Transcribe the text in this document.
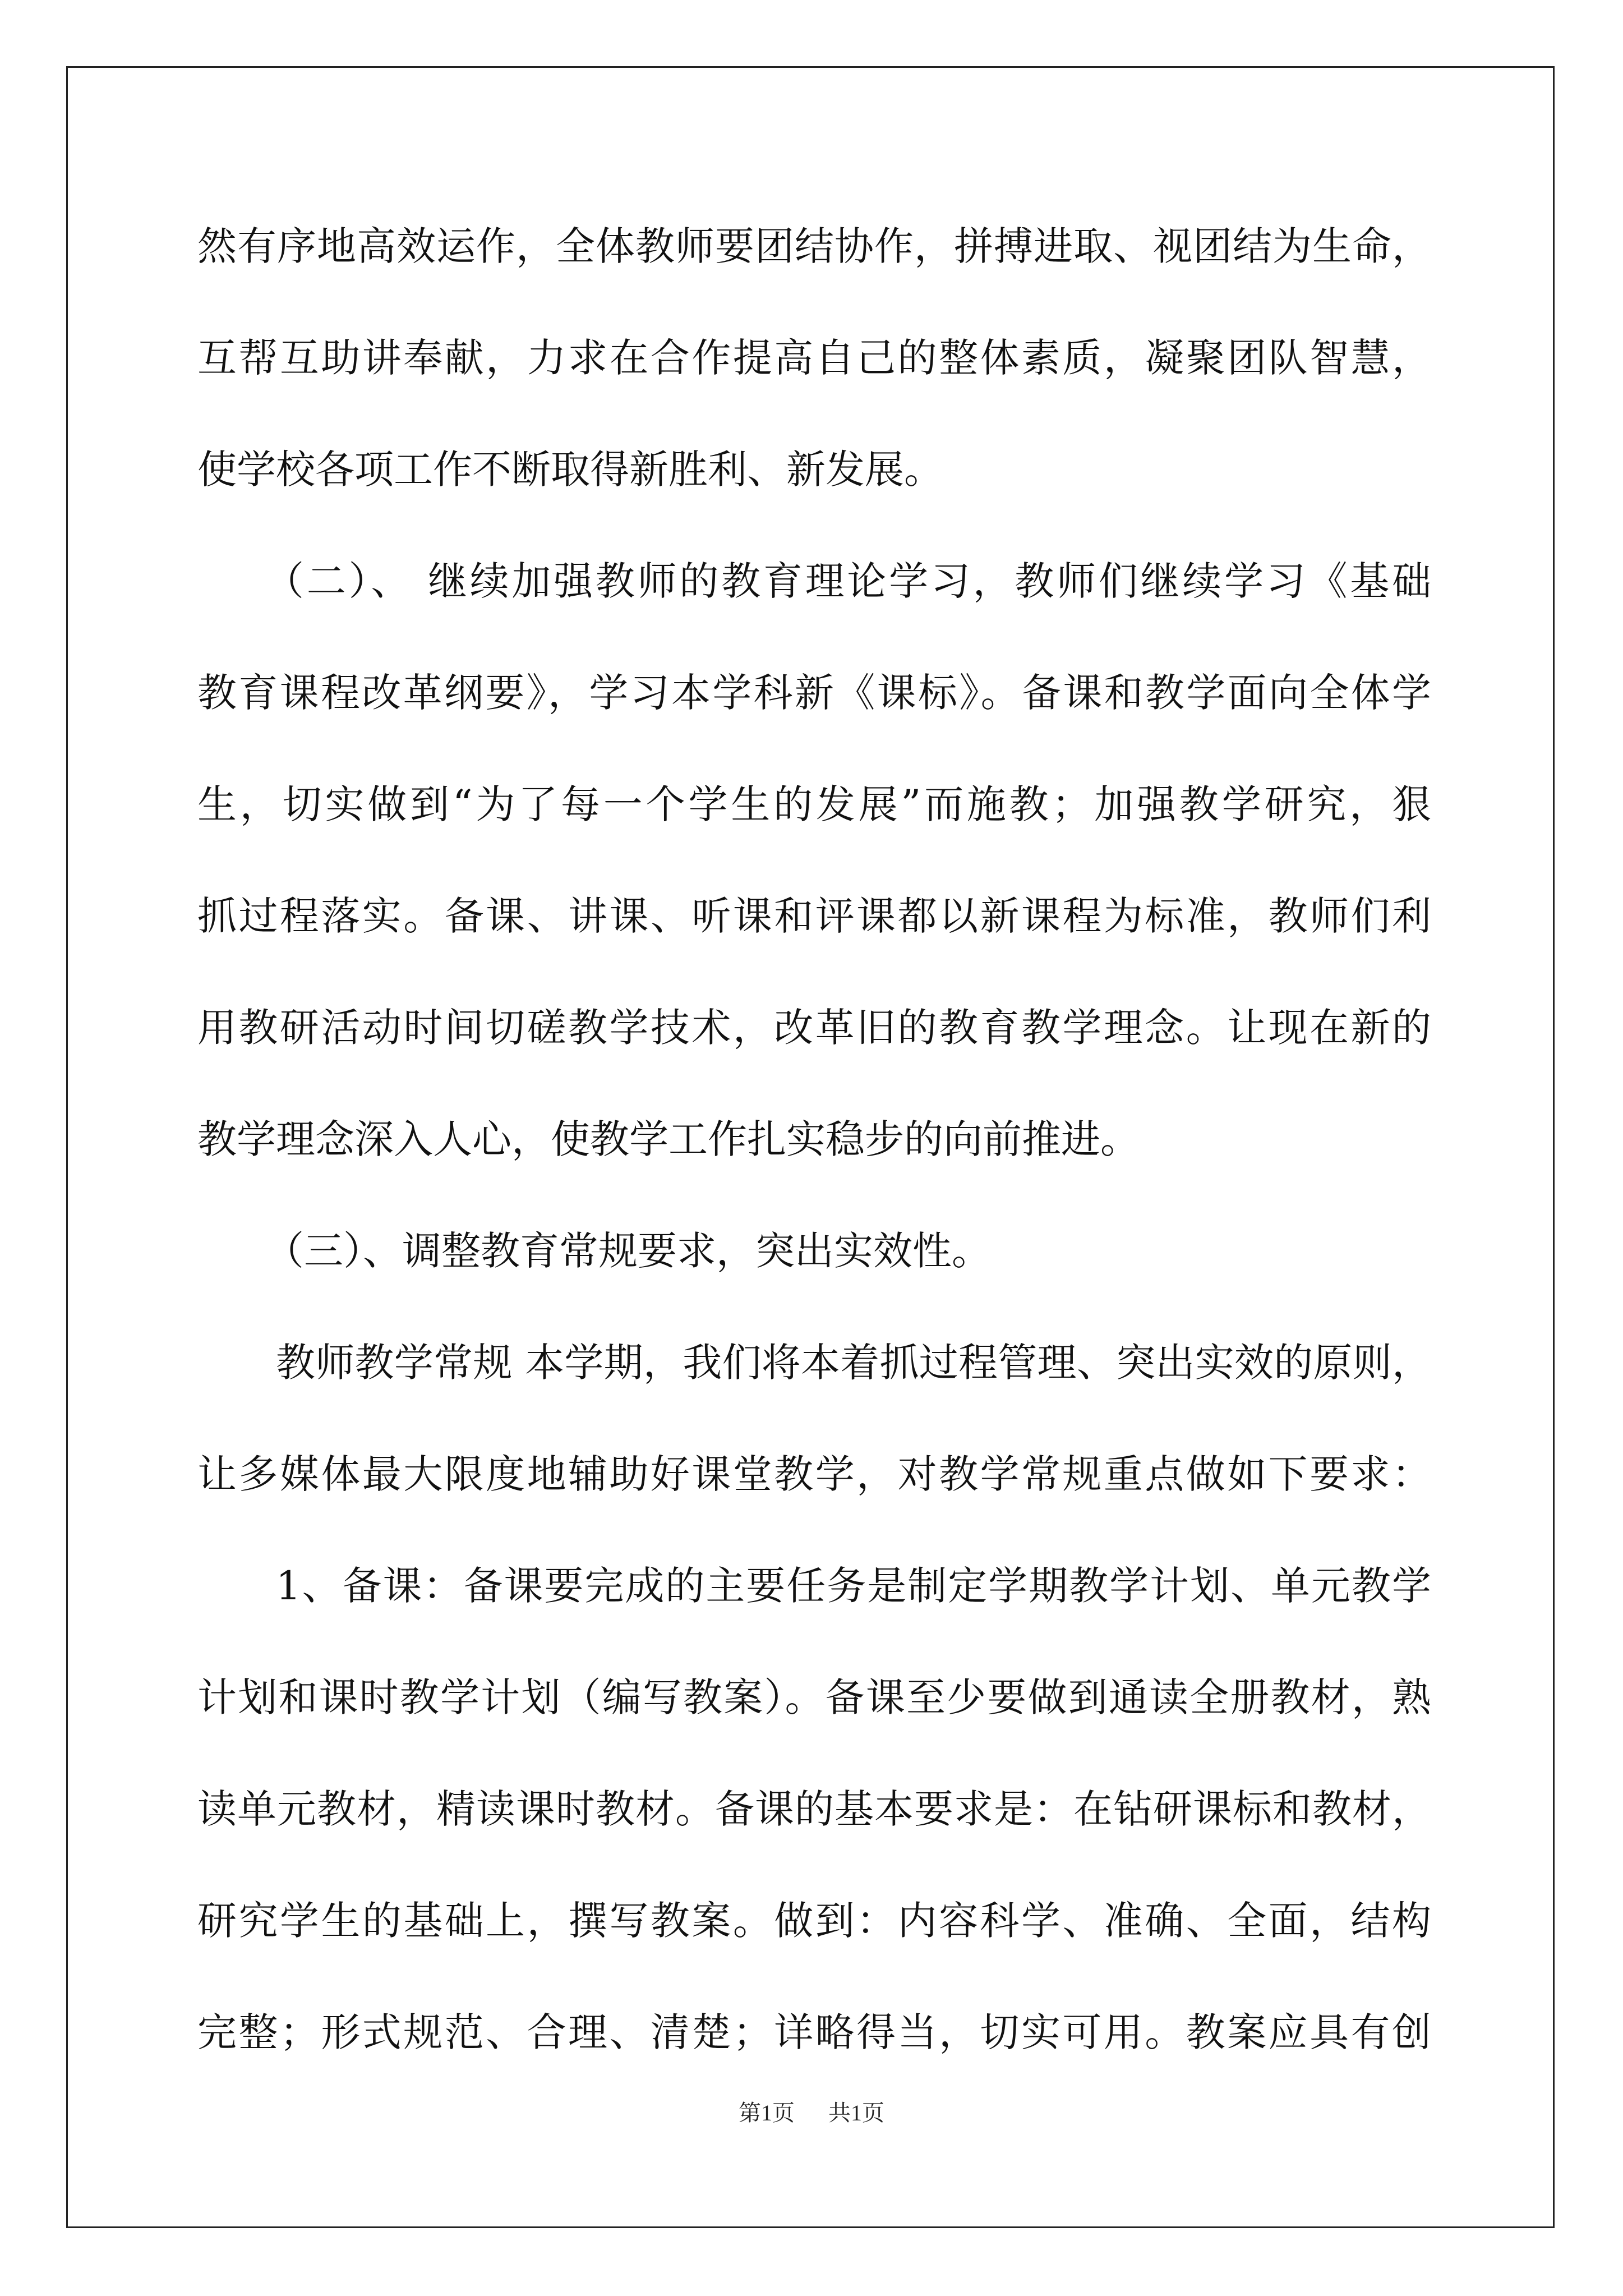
然有序地高效运作，全体教师要团结协作，拼搏进取、视团结为生命，
互帮互助讲奉献，力求在合作提高自己的整体素质，凝聚团队智慧，
使学校各项工作不断取得新胜利、新发展。
（二）、 继续加强教师的教育理论学习，教师们继续学习《基础
教育课程改革纲要》，学习本学科新《课标》。备课和教学面向全体学
生，切实做到“为了每一个学生的发展”而施教；加强教学研究，狠
抓过程落实。备课、讲课、听课和评课都以新课程为标准，教师们利
用教研活动时间切磋教学技术，改革旧的教育教学理念。让现在新的
教学理念深入人心，使教学工作扎实稳步的向前推进。
（三）、调整教育常规要求，突出实效性。
教师教学常规 本学期，我们将本着抓过程管理、突出实效的原则，
让多媒体最大限度地辅助好课堂教学，对教学常规重点做如下要求：
1、备课：备课要完成的主要任务是制定学期教学计划、单元教学
计划和课时教学计划（编写教案）。备课至少要做到通读全册教材，熟
读单元教材，精读课时教材。备课的基本要求是：在钻研课标和教材，
研究学生的基础上，撰写教案。做到：内容科学、准确、全面，结构
完整；形式规范、合理、清楚；详略得当，切实可用。教案应具有创
第1页 共1页
